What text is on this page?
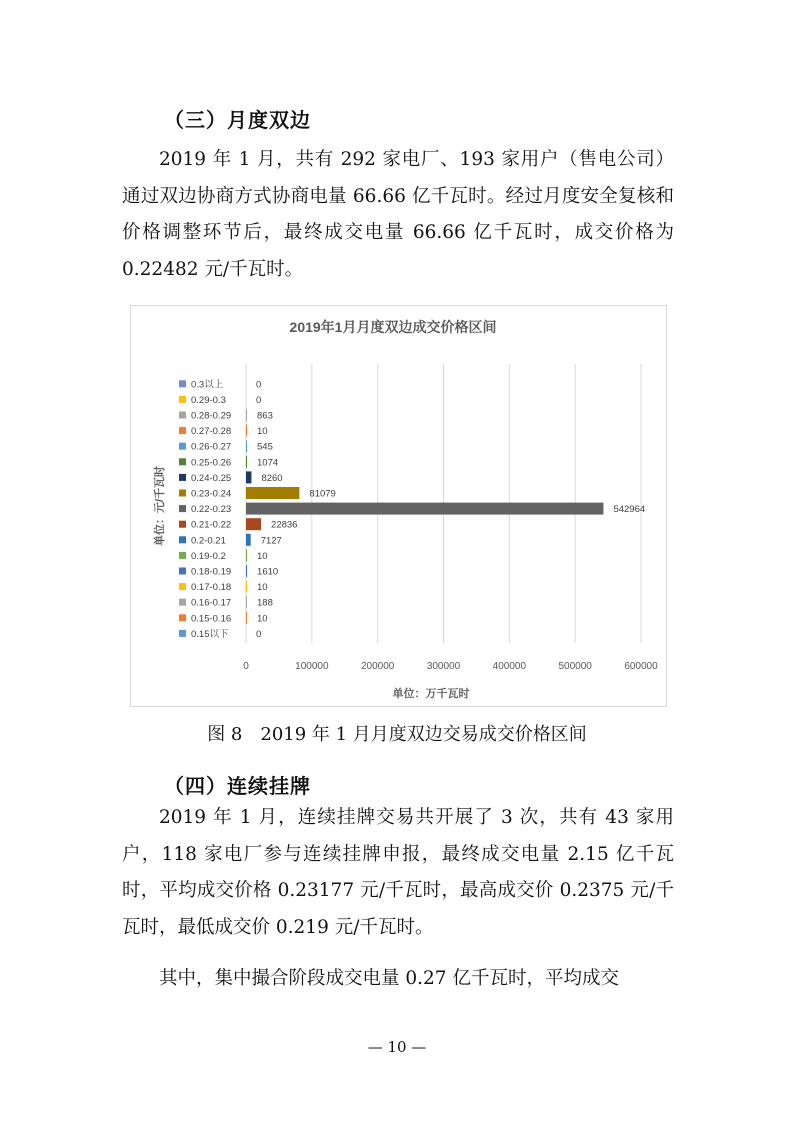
（三）月度双边

2019 年 1 月，共有 292 家电厂、193 家用户（售电公司）通过双边协商方式协商电量 66.66 亿千瓦时。经过月度安全复核和价格调整环节后，最终成交电量 66.66 亿千瓦时，成交价格为 0.22482 元/千瓦时。

2019年1月月度双边成交价格区间
0	100000	200000	300000	400000	500000	600000
单位：元/千瓦时
0.3以上	0
0.29-0.3	0
0.28-0.29	863
0.27-0.28	10
0.26-0.27	545
0.25-0.26	1074
0.24-0.25	8260
0.23-0.24	81079
0.22-0.23	542964
0.21-0.22	22836
0.2-0.21	7127
0.19-0.2	10
0.18-0.19	1610
0.17-0.18	10
0.16-0.17	188
0.15-0.16	10
0.15以下	0
单位：万千瓦时

图 8　2019 年 1 月月度双边交易成交价格区间

（四）连续挂牌

2019 年 1 月，连续挂牌交易共开展了 3 次，共有 43 家用户，118 家电厂参与连续挂牌申报，最终成交电量 2.15 亿千瓦时，平均成交价格 0.23177 元/千瓦时，最高成交价 0.2375 元/千瓦时，最低成交价 0.219 元/千瓦时。

其中，集中撮合阶段成交电量 0.27 亿千瓦时，平均成交

— 10 —
